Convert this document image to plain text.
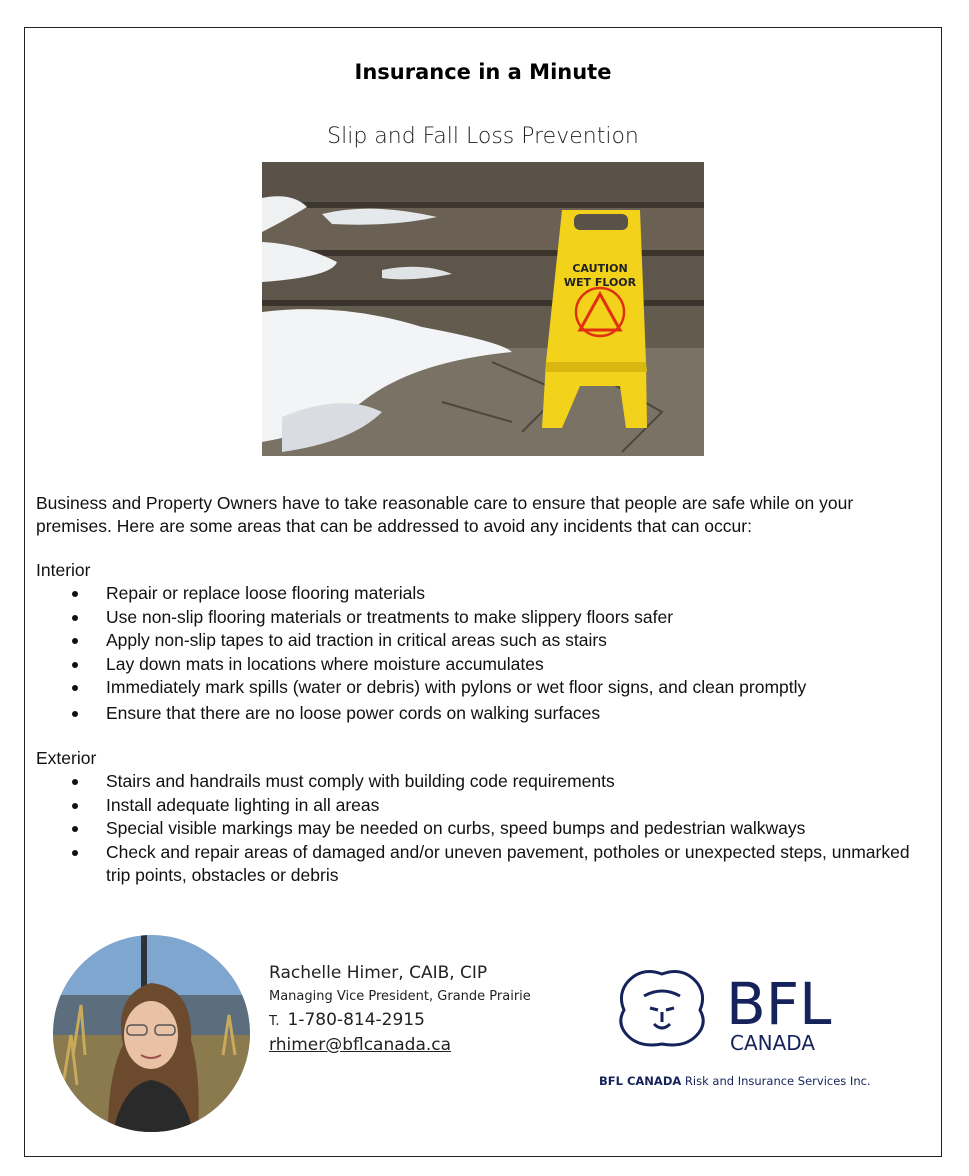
Insurance in a Minute
Slip and Fall Loss Prevention
CAUTION
WET FLOOR
Business and Property Owners have to take reasonable care to ensure that people are safe while on your premises. Here are some areas that can be addressed to avoid any incidents that can occur:
Interior
Repair or replace loose flooring materials
Use non-slip flooring materials or treatments to make slippery floors safer
Apply non-slip tapes to aid traction in critical areas such as stairs
Lay down mats in locations where moisture accumulates
Immediately mark spills (water or debris) with pylons or wet floor signs, and clean promptly
Ensure that there are no loose power cords on walking surfaces
Exterior
Stairs and handrails must comply with building code requirements
Install adequate lighting in all areas
Special visible markings may be needed on curbs, speed bumps and pedestrian walkways
Check and repair areas of damaged and/or uneven pavement, potholes or unexpected steps, unmarked trip points, obstacles or debris
Rachelle Himer, CAIB, CIP
Managing Vice President, Grande Prairie
T. 1-780-814-2915
rhimer@bflcanada.ca
BFL
CANADA
BFL CANADA Risk and Insurance Services Inc.
